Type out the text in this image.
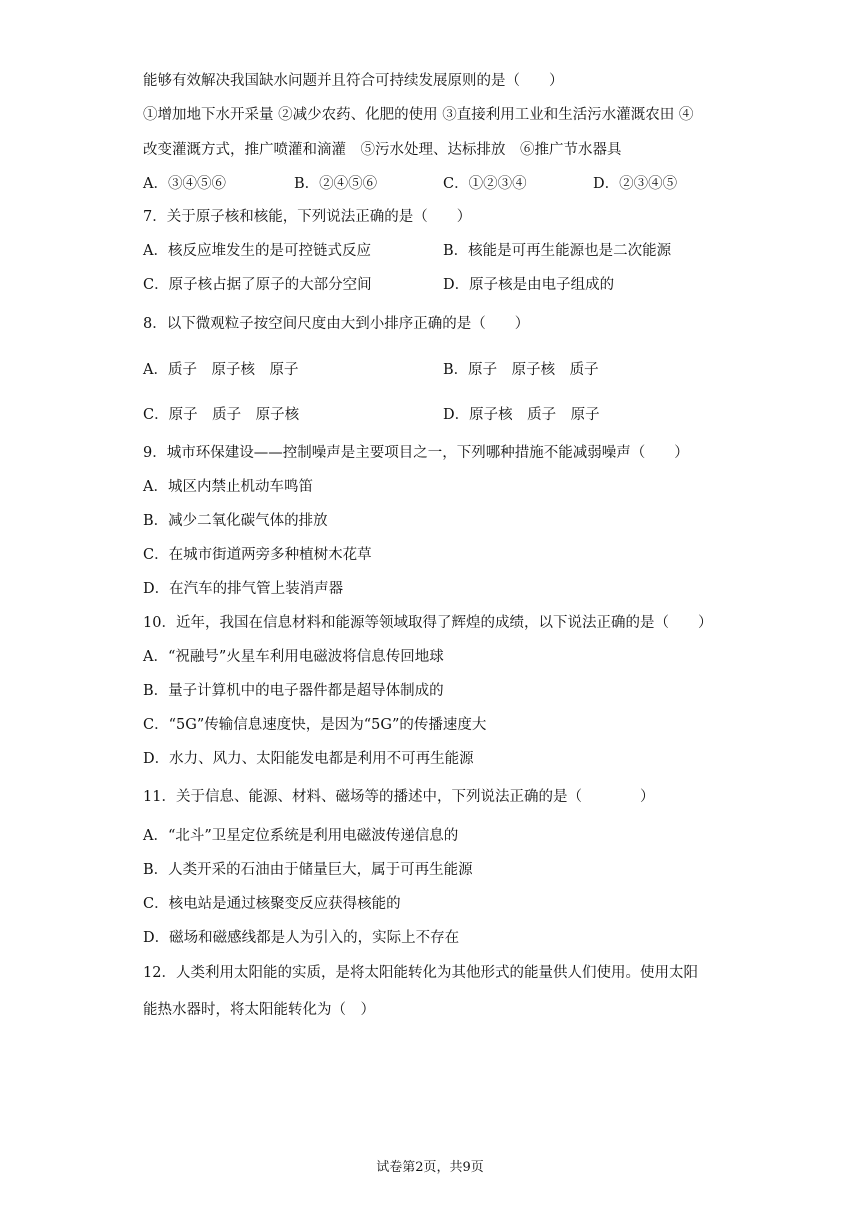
能够有效解决我国缺水问题并且符合可持续发展原则的是（　　）
①增加地下水开采量 ②减少农药、化肥的使用 ③直接利用工业和生活污水灌溉农田 ④
改变灌溉方式，推广喷灌和滴灌　⑤污水处理、达标排放　⑥推广节水器具
A．③④⑤⑥	B．②④⑤⑥	C．①②③④	D．②③④⑤
7．关于原子核和核能，下列说法正确的是（　　）
A．核反应堆发生的是可控链式反应	B．核能是可再生能源也是二次能源
C．原子核占据了原子的大部分空间	D．原子核是由电子组成的
8．以下微观粒子按空间尺度由大到小排序正确的是（　　）
A．质子　原子核　原子	B．原子　原子核　质子
C．原子　质子　原子核	D．原子核　质子　原子
9．城市环保建设——控制噪声是主要项目之一，下列哪种措施不能减弱噪声（　　）
A．城区内禁止机动车鸣笛
B．减少二氧化碳气体的排放
C．在城市街道两旁多种植树木花草
D．在汽车的排气管上装消声器
10．近年，我国在信息材料和能源等领域取得了辉煌的成绩，以下说法正确的是（　　）
A．“祝融号”火星车利用电磁波将信息传回地球
B．量子计算机中的电子器件都是超导体制成的
C．“5G”传输信息速度快，是因为“5G”的传播速度大
D．水力、风力、太阳能发电都是利用不可再生能源
11．关于信息、能源、材料、磁场等的播述中，下列说法正确的是（　　　　）
A．“北斗”卫星定位系统是利用电磁波传递信息的
B．人类开采的石油由于储量巨大，属于可再生能源
C．核电站是通过核聚变反应获得核能的
D．磁场和磁感线都是人为引入的，实际上不存在
12．人类利用太阳能的实质，是将太阳能转化为其他形式的能量供人们使用。使用太阳
能热水器时，将太阳能转化为（　）
试卷第2页，共9页
